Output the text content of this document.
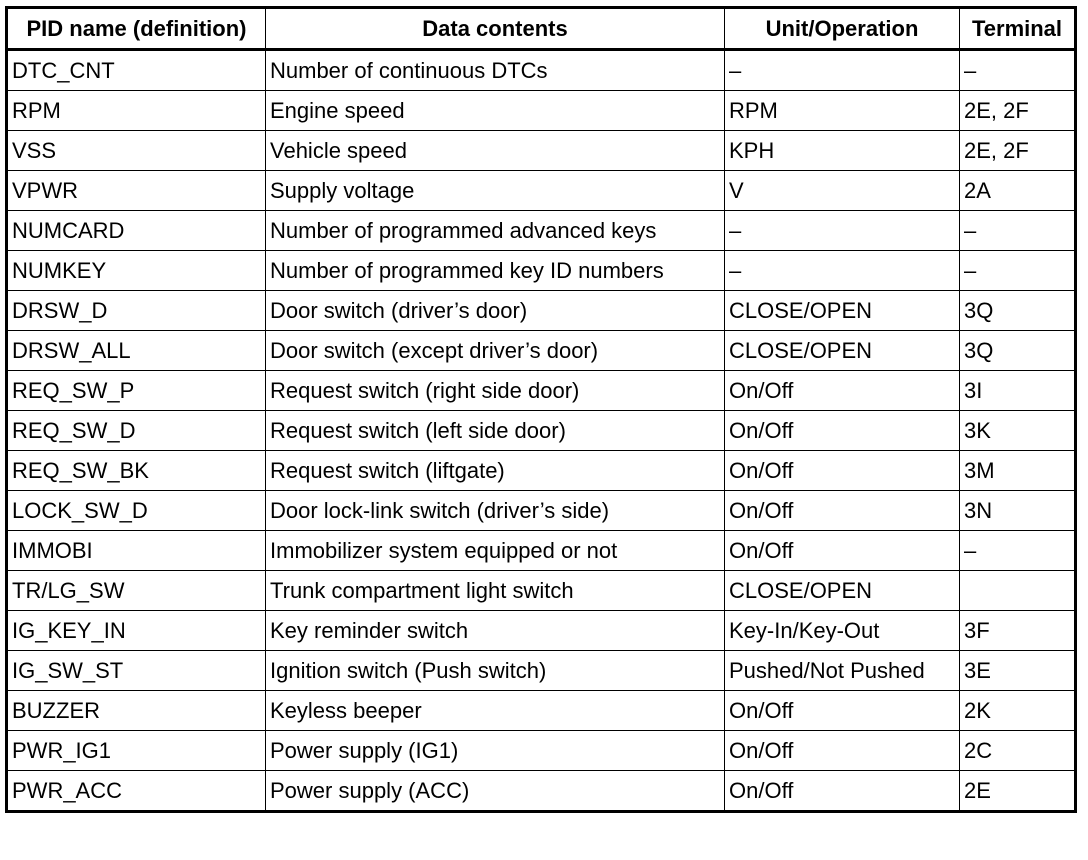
PID name (definition)	Data contents	Unit/Operation	Terminal
DTC_CNT	Number of continuous DTCs	–	–
RPM	Engine speed	RPM	2E, 2F
VSS	Vehicle speed	KPH	2E, 2F
VPWR	Supply voltage	V	2A
NUMCARD	Number of programmed advanced keys	–	–
NUMKEY	Number of programmed key ID numbers	–	–
DRSW_D	Door switch (driver’s door)	CLOSE/OPEN	3Q
DRSW_ALL	Door switch (except driver’s door)	CLOSE/OPEN	3Q
REQ_SW_P	Request switch (right side door)	On/Off	3I
REQ_SW_D	Request switch (left side door)	On/Off	3K
REQ_SW_BK	Request switch (liftgate)	On/Off	3M
LOCK_SW_D	Door lock-link switch (driver’s side)	On/Off	3N
IMMOBI	Immobilizer system equipped or not	On/Off	–
TR/LG_SW	Trunk compartment light switch	CLOSE/OPEN	
IG_KEY_IN	Key reminder switch	Key-In/Key-Out	3F
IG_SW_ST	Ignition switch (Push switch)	Pushed/Not Pushed	3E
BUZZER	Keyless beeper	On/Off	2K
PWR_IG1	Power supply (IG1)	On/Off	2C
PWR_ACC	Power supply (ACC)	On/Off	2E
